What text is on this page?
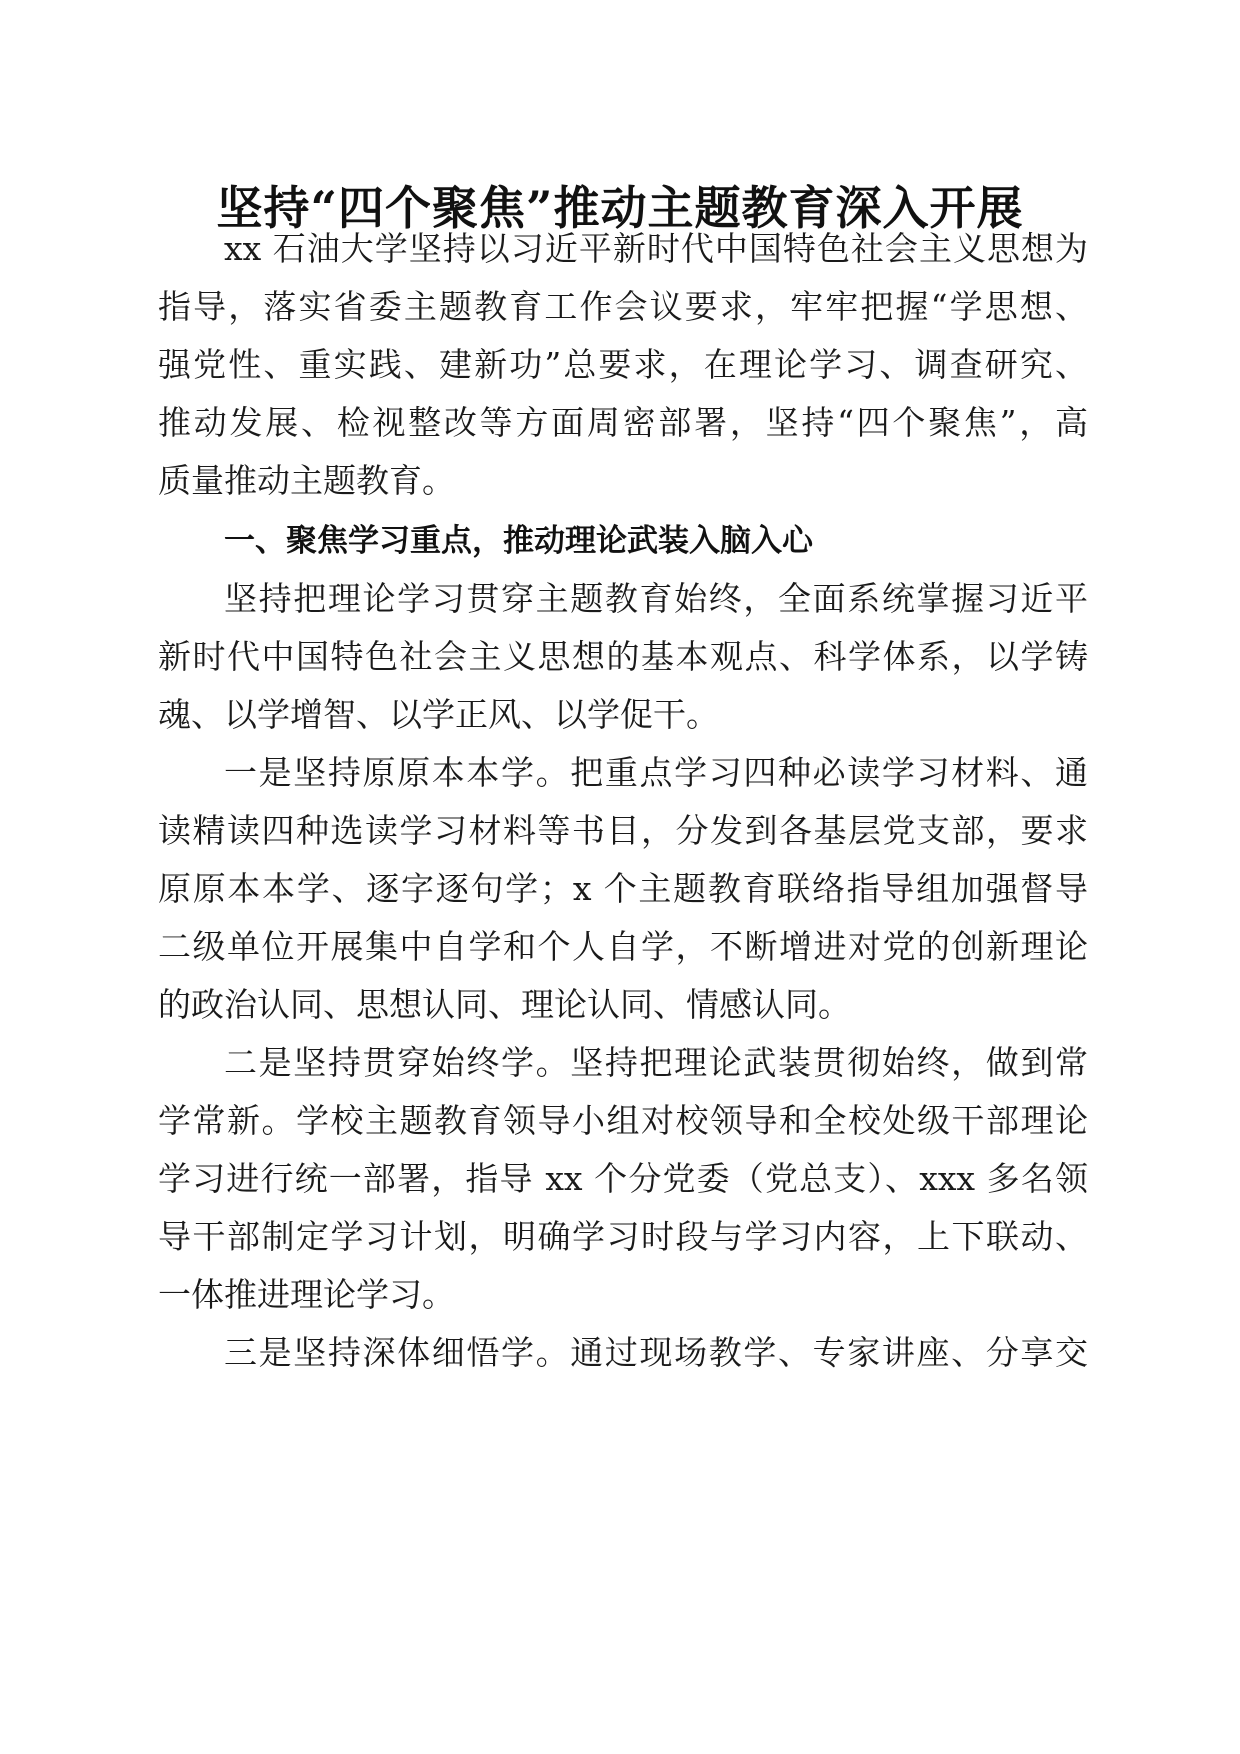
坚持“四个聚焦”推动主题教育深入开展

xx 石油大学坚持以习近平新时代中国特色社会主义思想为

指导，落实省委主题教育工作会议要求，牢牢把握“学思想、

强党性、重实践、建新功”总要求，在理论学习、调查研究、

推动发展、检视整改等方面周密部署，坚持“四个聚焦”，高

质量推动主题教育。

一、聚焦学习重点，推动理论武装入脑入心

坚持把理论学习贯穿主题教育始终，全面系统掌握习近平

新时代中国特色社会主义思想的基本观点、科学体系，以学铸

魂、以学增智、以学正风、以学促干。

一是坚持原原本本学。把重点学习四种必读学习材料、通

读精读四种选读学习材料等书目，分发到各基层党支部，要求

原原本本学、逐字逐句学；x 个主题教育联络指导组加强督导

二级单位开展集中自学和个人自学，不断增进对党的创新理论

的政治认同、思想认同、理论认同、情感认同。

二是坚持贯穿始终学。坚持把理论武装贯彻始终，做到常

学常新。学校主题教育领导小组对校领导和全校处级干部理论

学习进行统一部署，指导 xx 个分党委（党总支）、xxx 多名领

导干部制定学习计划，明确学习时段与学习内容，上下联动、

一体推进理论学习。

三是坚持深体细悟学。通过现场教学、专家讲座、分享交
